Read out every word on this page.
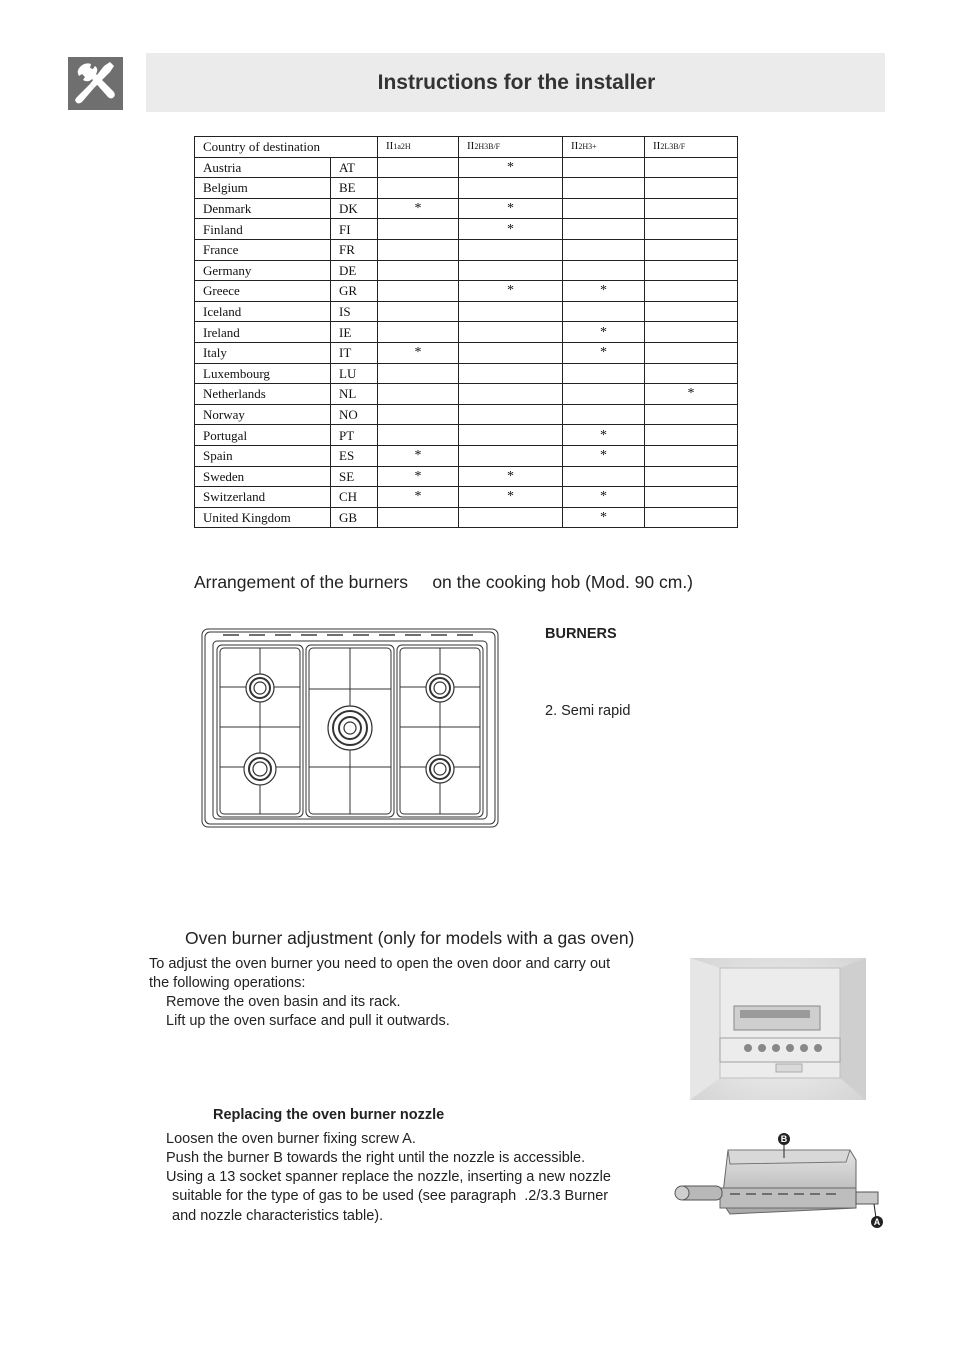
Instructions for the installer
Country of destination		II1a2H	II2H3B/F	II2H3+	II2L3B/F
Austria	AT		*		
Belgium	BE				
Denmark	DK	*	*		
Finland	FI		*		
France	FR				
Germany	DE				
Greece	GR		*	*	
Iceland	IS				
Ireland	IE			*	
Italy	IT	*		*	
Luxembourg	LU				
Netherlands	NL				*
Norway	NO				
Portugal	PT			*	
Spain	ES	*		*	
Sweden	SE	*	*		
Switzerland	CH	*	*	*	
United Kingdom	GB			*	
Arrangement of the burners     on the cooking hob (Mod. 90 cm.)
BURNERS
2. Semi rapid
Oven burner adjustment (only for models with a gas oven)
To adjust the oven burner you need to open the oven door and carry out
the following operations:
Remove the oven basin and its rack.
Lift up the oven surface and pull it outwards.
Replacing the oven burner nozzle
Loosen the oven burner fixing screw A.
Push the burner B towards the right until the nozzle is accessible.
Using a 13 socket spanner replace the nozzle, inserting a new nozzle
suitable for the type of gas to be used (see paragraph  .2/3.3 Burner
and nozzle characteristics table).
B
A
